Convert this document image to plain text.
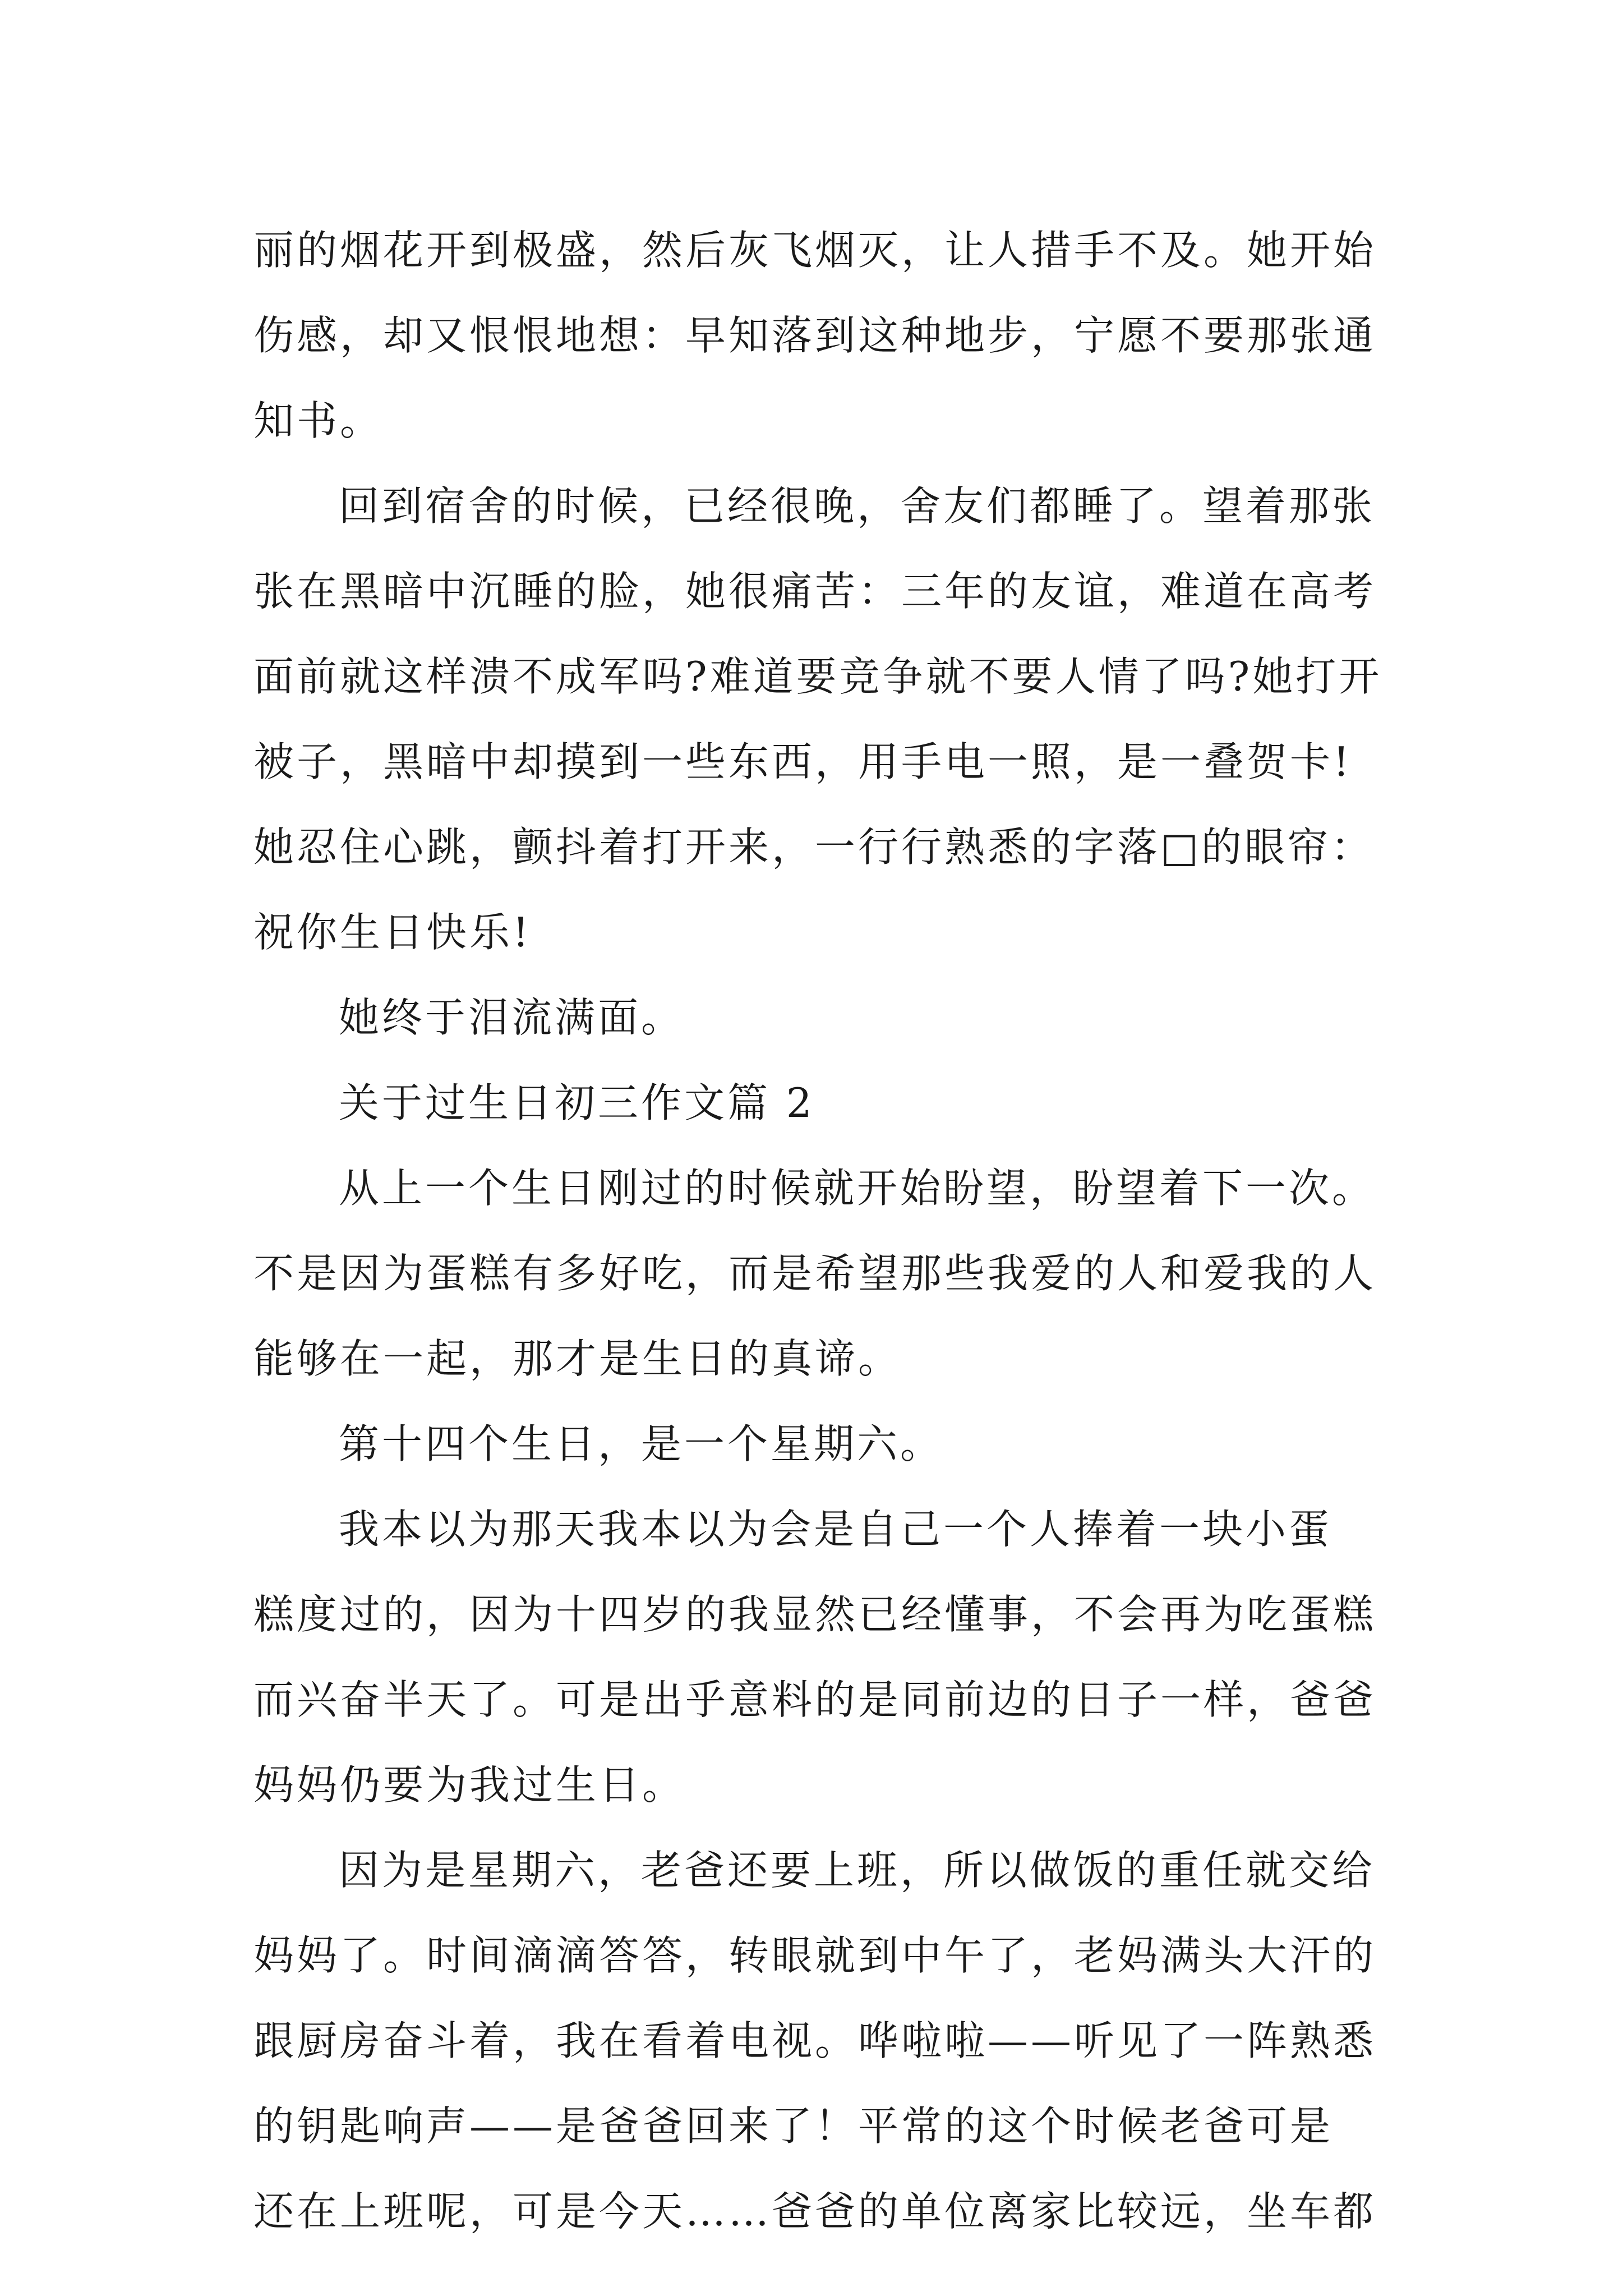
丽的烟花开到极盛，然后灰飞烟灭，让人措手不及。她开始
伤感，却又恨恨地想：早知落到这种地步，宁愿不要那张通
知书。
回到宿舍的时候，已经很晚，舍友们都睡了。望着那张
张在黑暗中沉睡的脸，她很痛苦：三年的友谊，难道在高考
面前就这样溃不成军吗?难道要竞争就不要人情了吗?她打开
被子，黑暗中却摸到一些东西，用手电一照，是一叠贺卡!
她忍住心跳，颤抖着打开来，一行行熟悉的字落□的眼帘：
祝你生日快乐!
她终于泪流满面。
关于过生日初三作文篇 2
从上一个生日刚过的时候就开始盼望，盼望着下一次。
不是因为蛋糕有多好吃，而是希望那些我爱的人和爱我的人
能够在一起，那才是生日的真谛。
第十四个生日，是一个星期六。
我本以为那天我本以为会是自己一个人捧着一块小蛋
糕度过的，因为十四岁的我显然已经懂事，不会再为吃蛋糕
而兴奋半天了。可是出乎意料的是同前边的日子一样，爸爸
妈妈仍要为我过生日。
因为是星期六，老爸还要上班，所以做饭的重任就交给
妈妈了。时间滴滴答答，转眼就到中午了，老妈满头大汗的
跟厨房奋斗着，我在看着电视。哗啦啦——听见了一阵熟悉
的钥匙响声——是爸爸回来了！平常的这个时候老爸可是
还在上班呢，可是今天……爸爸的单位离家比较远，坐车都
